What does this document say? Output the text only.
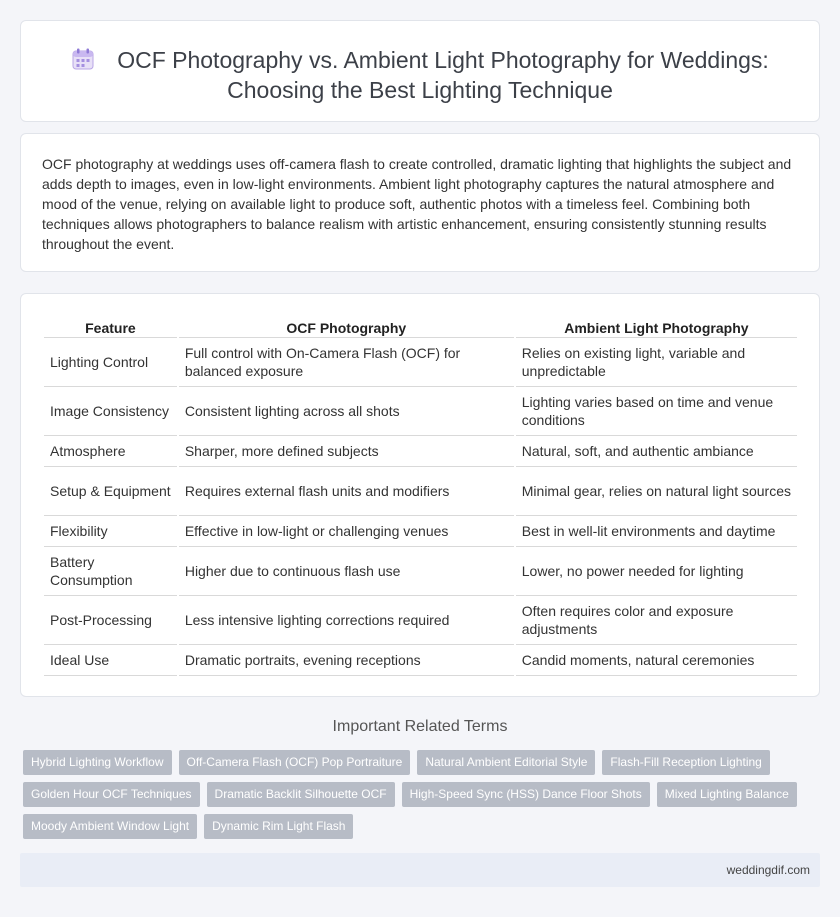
OCF Photography vs. Ambient Light Photography for Weddings:
Choosing the Best Lighting Technique

OCF photography at weddings uses off-camera flash to create controlled, dramatic lighting that highlights the subject and adds depth to images, even in low-light environments. Ambient light photography captures the natural atmosphere and mood of the venue, relying on available light to produce soft, authentic photos with a timeless feel. Combining both techniques allows photographers to balance realism with artistic enhancement, ensuring consistently stunning results throughout the event.

Feature	OCF Photography	Ambient Light Photography
Lighting Control	Full control with On-Camera Flash (OCF) for balanced exposure	Relies on existing light, variable and unpredictable
Image Consistency	Consistent lighting across all shots	Lighting varies based on time and venue conditions
Atmosphere	Sharper, more defined subjects	Natural, soft, and authentic ambiance
Setup & Equipment	Requires external flash units and modifiers	Minimal gear, relies on natural light sources
Flexibility	Effective in low-light or challenging venues	Best in well-lit environments and daytime
Battery Consumption	Higher due to continuous flash use	Lower, no power needed for lighting
Post-Processing	Less intensive lighting corrections required	Often requires color and exposure adjustments
Ideal Use	Dramatic portraits, evening receptions	Candid moments, natural ceremonies
Important Related Terms
Hybrid Lighting Workflow	Off-Camera Flash (OCF) Pop Portraiture	Natural Ambient Editorial Style	Flash-Fill Reception Lighting
Golden Hour OCF Techniques	Dramatic Backlit Silhouette OCF	High-Speed Sync (HSS) Dance Floor Shots	Mixed Lighting Balance
Moody Ambient Window Light	Dynamic Rim Light Flash
weddingdif.com
